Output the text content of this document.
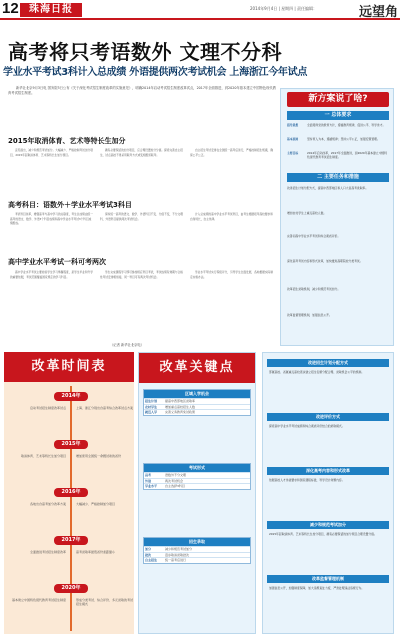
12	珠海日报	2014年9月4日 | 星期四 | 责任编辑：	远望角
高考将只考语数外 文理不分科
学业水平考试3科计入总成绩 外语提供两次考试机会 上海浙江今年试点
新华社北京9月3日电 国务院3日公布《关于深化考试招生制度改革的实施意见》，明确2014年启动考试招生制度改革试点，2017年全面推进，到2020年基本建立中国特色现代教育考试招生制度。
2015年取消体育、艺术等特长生加分
意见提出，减少和规范考试加分。大幅减少、严格控制考试加分项目，2015年起取消体育、艺术等特长生加分项目。
确有必要保留的加分项目，应合理设置加分分值。探索完善自主招生，试点高校不得采用联考方式或变相组织联考。
自主招生考试安排在全国统一高考后进行，严格控制招生规模，确保公平公正。
高考科目：语数外＋学业水平考试3科目
考试科目改革，增强高考与高中学习的关联度，考生总成绩由统一高考的语文、数学、外语3个科目成绩和高中学业水平考试3个科目成绩组成。
保持统一高考的语文、数学、外语科目不变、分值不变，不分文理科，外语科目提供两次考试机会。
计入总成绩的高中学业水平考试科目，由考生根据报考高校要求和自身特长，自主选择。
高中学业水平考试一科可考两次
高中学业水平考试主要检验学生学习掌握程度，是学生毕业和升学的重要依据，考试范围覆盖国家规定的学习科目。
学生完成课程学习即可参加相应科目考试，考试成绩有效期与合格性考试安排相衔接，同一科目可有两次考试机会。
学业水平考试实行等级评分，引导学生全面发展，各地根据实际制定实施办法。
（记者 新华社北京电）
新方案说了啥?
一 总体要求
指导思想	全面贯彻党的教育方针，遵循教育规律，促进公平、科学选才。
基本原则	坚持育人为本，遵循规律；坚持公平公正，加强宏观管理。
主要目标	2014年启动改革，2017年全面推进，到2020年基本建立中国特色现代教育考试招生制度。
二 主要任务和措施
改进招生计划分配方式，提高中西部地区和人口大省高考录取率。
增加农村学生上重点高校人数。
完善初高中学业水平考试和综合素质评价。
深化高考考试内容和形式改革，加快推进高职院校分类考试。
改革招生录取机制，减少和规范考试加分。
改革监督管理机制，加强信息公开。
改革时间表
2014年
启动考试招生制度改革试点	上海、浙江分别出台高考综合改革试点方案
2015年
取消体育、艺术等特长生加分项目	增加使用全国统一命题试卷的省份
2016年
各地出台高考加分改革方案	大幅减少、严格控制加分项目
2017年
全面推进考试招生制度改革	高考录取率最低省份差距缩小
2020年
基本建立中国特色现代教育考试招生制度	形成分类考试、综合评价、多元录取的考试招生模式
改革关键点
区域入学机会
招生计划	提高中西部地区录取率
农村学生	增加重点高校招生人数
就近入学	完善义务教育免试政策
考试形式
高考	语数外不分文理
外语	两次考试机会
学业水平	自主选择3科目
招生录取
加分	减少和规范考试加分
批次	逐步取消录取批次
自主招生	统一高考后进行
改进招生计划分配方式
部属高校、省属重点高校逐步建立招生名额分配合理、录取机会公平的机制。
改进评价方式
探索高中学业水平考试成绩和综合素质评价结合的录取模式。
深化高考内容和形式改革
依据高校人才选拔要求和国家课程标准，科学设计命题内容。
减少和规范考试加分
2015年起取消体育、艺术等特长生加分项目，确有必要保留的加分项目合理设置分值。
改革监督管理机制
加强信息公开，加强制度保障，加大违规查处力度，严肃处理违法违规行为。
